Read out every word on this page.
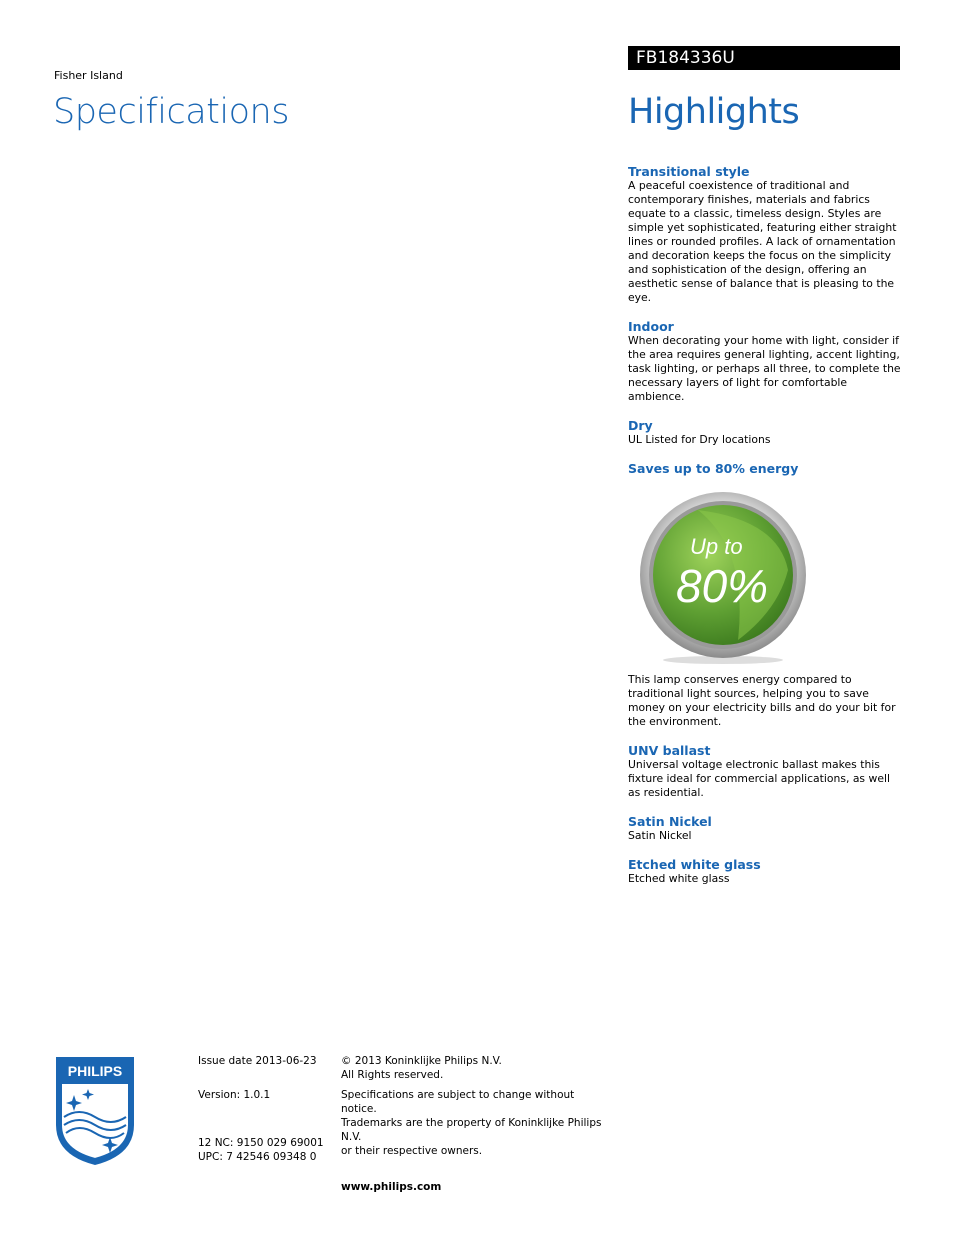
Fisher Island
Specifications
FB184336U
Highlights
Transitional style
A peaceful coexistence of traditional and contemporary finishes, materials and fabrics equate to a classic, timeless design. Styles are simple yet sophisticated, featuring either straight lines or rounded profiles. A lack of ornamentation and decoration keeps the focus on the simplicity and sophistication of the design, offering an aesthetic sense of balance that is pleasing to the eye.
Indoor
When decorating your home with light, consider if the area requires general lighting, accent lighting, task lighting, or perhaps all three, to complete the necessary layers of light for comfortable ambience.
Dry
UL Listed for Dry locations
Saves up to 80% energy
Up to
80%
This lamp conserves energy compared to traditional light sources, helping you to save money on your electricity bills and do your bit for the environment.
UNV ballast
Universal voltage electronic ballast makes this fixture ideal for commercial applications, as well as residential.
Satin Nickel
Satin Nickel
Etched white glass
Etched white glass
PHILIPS
Issue date 2013-06-23
Version: 1.0.1
12 NC: 9150 029 69001
UPC: 7 42546 09348 0
© 2013 Koninklijke Philips N.V.
All Rights reserved.
Specifications are subject to change without notice.
Trademarks are the property of Koninklijke Philips N.V.
or their respective owners.
www.philips.com
